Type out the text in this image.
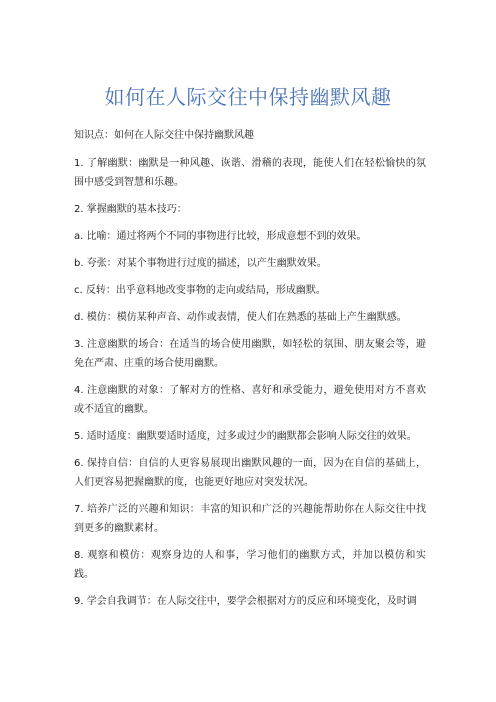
如何在人际交往中保持幽默风趣

知识点：如何在人际交往中保持幽默风趣

1. 了解幽默：幽默是一种风趣、诙谐、滑稽的表现，能使人们在轻松愉快的氛围中感受到智慧和乐趣。

2. 掌握幽默的基本技巧：

a. 比喻：通过将两个不同的事物进行比较，形成意想不到的效果。

b. 夸张：对某个事物进行过度的描述，以产生幽默效果。

c. 反转：出乎意料地改变事物的走向或结局，形成幽默。

d. 模仿：模仿某种声音、动作或表情，使人们在熟悉的基础上产生幽默感。

3. 注意幽默的场合：在适当的场合使用幽默，如轻松的氛围、朋友聚会等，避免在严肃、庄重的场合使用幽默。

4. 注意幽默的对象：了解对方的性格、喜好和承受能力，避免使用对方不喜欢或不适宜的幽默。

5. 适时适度：幽默要适时适度，过多或过少的幽默都会影响人际交往的效果。

6. 保持自信：自信的人更容易展现出幽默风趣的一面，因为在自信的基础上，人们更容易把握幽默的度，也能更好地应对突发状况。

7. 培养广泛的兴趣和知识：丰富的知识和广泛的兴趣能帮助你在人际交往中找到更多的幽默素材。

8. 观察和模仿：观察身边的人和事，学习他们的幽默方式，并加以模仿和实践。

9. 学会自我调节：在人际交往中，要学会根据对方的反应和环境变化，及时调
